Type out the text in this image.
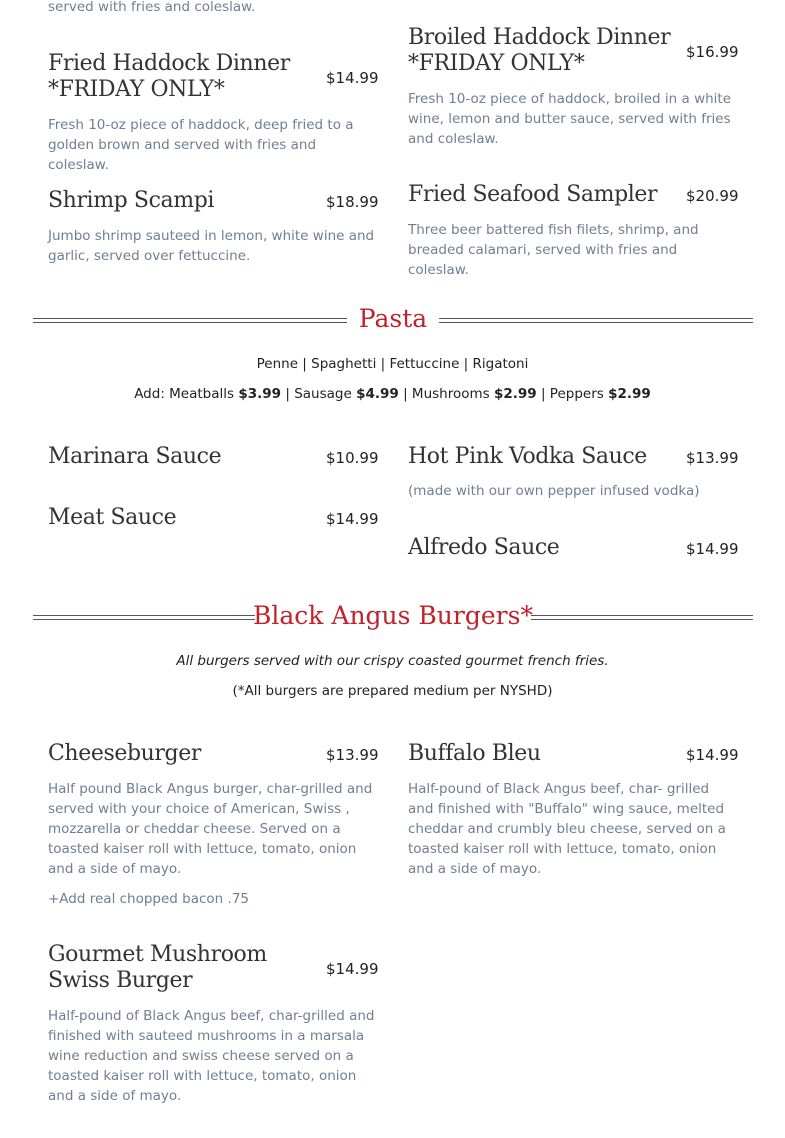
served with fries and coleslaw.
Fried Haddock Dinner *FRIDAY ONLY*	$14.99
Fresh 10-oz piece of haddock, deep fried to a golden brown and served with fries and coleslaw.
Broiled Haddock Dinner *FRIDAY ONLY*	$16.99
Fresh 10-oz piece of haddock, broiled in a white wine, lemon and butter sauce, served with fries and coleslaw.
Shrimp Scampi	$18.99
Jumbo shrimp sauteed in lemon, white wine and garlic, served over fettuccine.
Fried Seafood Sampler	$20.99
Three beer battered fish filets, shrimp, and breaded calamari, served with fries and coleslaw.
Pasta
Penne | Spaghetti | Fettuccine | Rigatoni
Add: Meatballs $3.99 | Sausage $4.99 | Mushrooms $2.99 | Peppers $2.99
Marinara Sauce	$10.99 Hot Pink Vodka Sauce	$13.99
(made with our own pepper infused vodka)
Meat Sauce	$14.99
Alfredo Sauce	$14.99
Black Angus Burgers*
All burgers served with our crispy coasted gourmet french fries.
(*All burgers are prepared medium per NYSHD)
Cheeseburger	$13.99
Half pound Black Angus burger, char-grilled and served with your choice of American, Swiss , mozzarella or cheddar cheese. Served on a toasted kaiser roll with lettuce, tomato, onion and a side of mayo.
+Add real chopped bacon .75
Buffalo Bleu	$14.99
Half-pound of Black Angus beef, char- grilled and finished with "Buffalo" wing sauce, melted cheddar and crumbly bleu cheese, served on a toasted kaiser roll with lettuce, tomato, onion and a side of mayo.
Gourmet Mushroom Swiss Burger	$14.99
Half-pound of Black Angus beef, char-grilled and finished with sauteed mushrooms in a marsala wine reduction and swiss cheese served on a toasted kaiser roll with lettuce, tomato, onion and a side of mayo.
